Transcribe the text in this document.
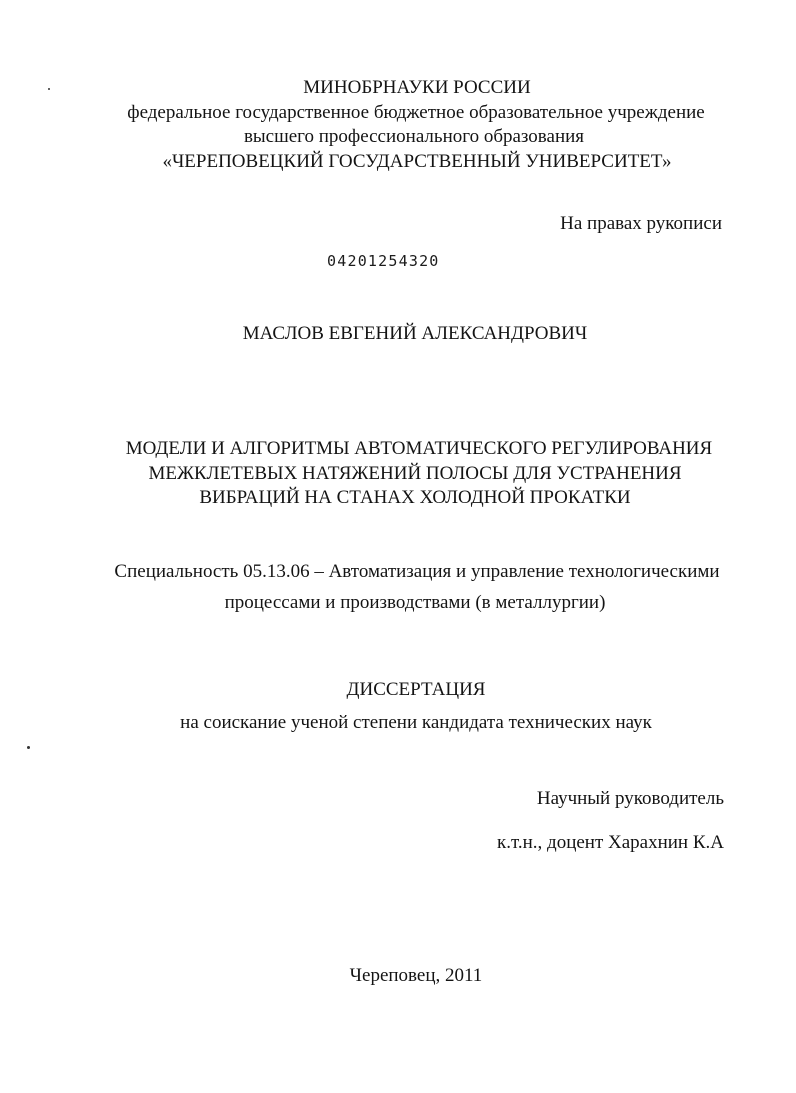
МИНОБРНАУКИ РОССИИ
федеральное государственное бюджетное образовательное учреждение
высшего профессионального образования
«ЧЕРЕПОВЕЦКИЙ ГОСУДАРСТВЕННЫЙ УНИВЕРСИТЕТ»
На правах рукописи
04201254320
МАСЛОВ ЕВГЕНИЙ АЛЕКСАНДРОВИЧ
МОДЕЛИ И АЛГОРИТМЫ АВТОМАТИЧЕСКОГО РЕГУЛИРОВАНИЯ
МЕЖКЛЕТЕВЫХ НАТЯЖЕНИЙ ПОЛОСЫ ДЛЯ УСТРАНЕНИЯ
ВИБРАЦИЙ НА СТАНАХ ХОЛОДНОЙ ПРОКАТКИ
Специальность 05.13.06 – Автоматизация и управление технологическими
процессами и производствами (в металлургии)
ДИССЕРТАЦИЯ
на соискание ученой степени кандидата технических наук
Научный руководитель
к.т.н., доцент Харахнин К.А
Череповец, 2011
